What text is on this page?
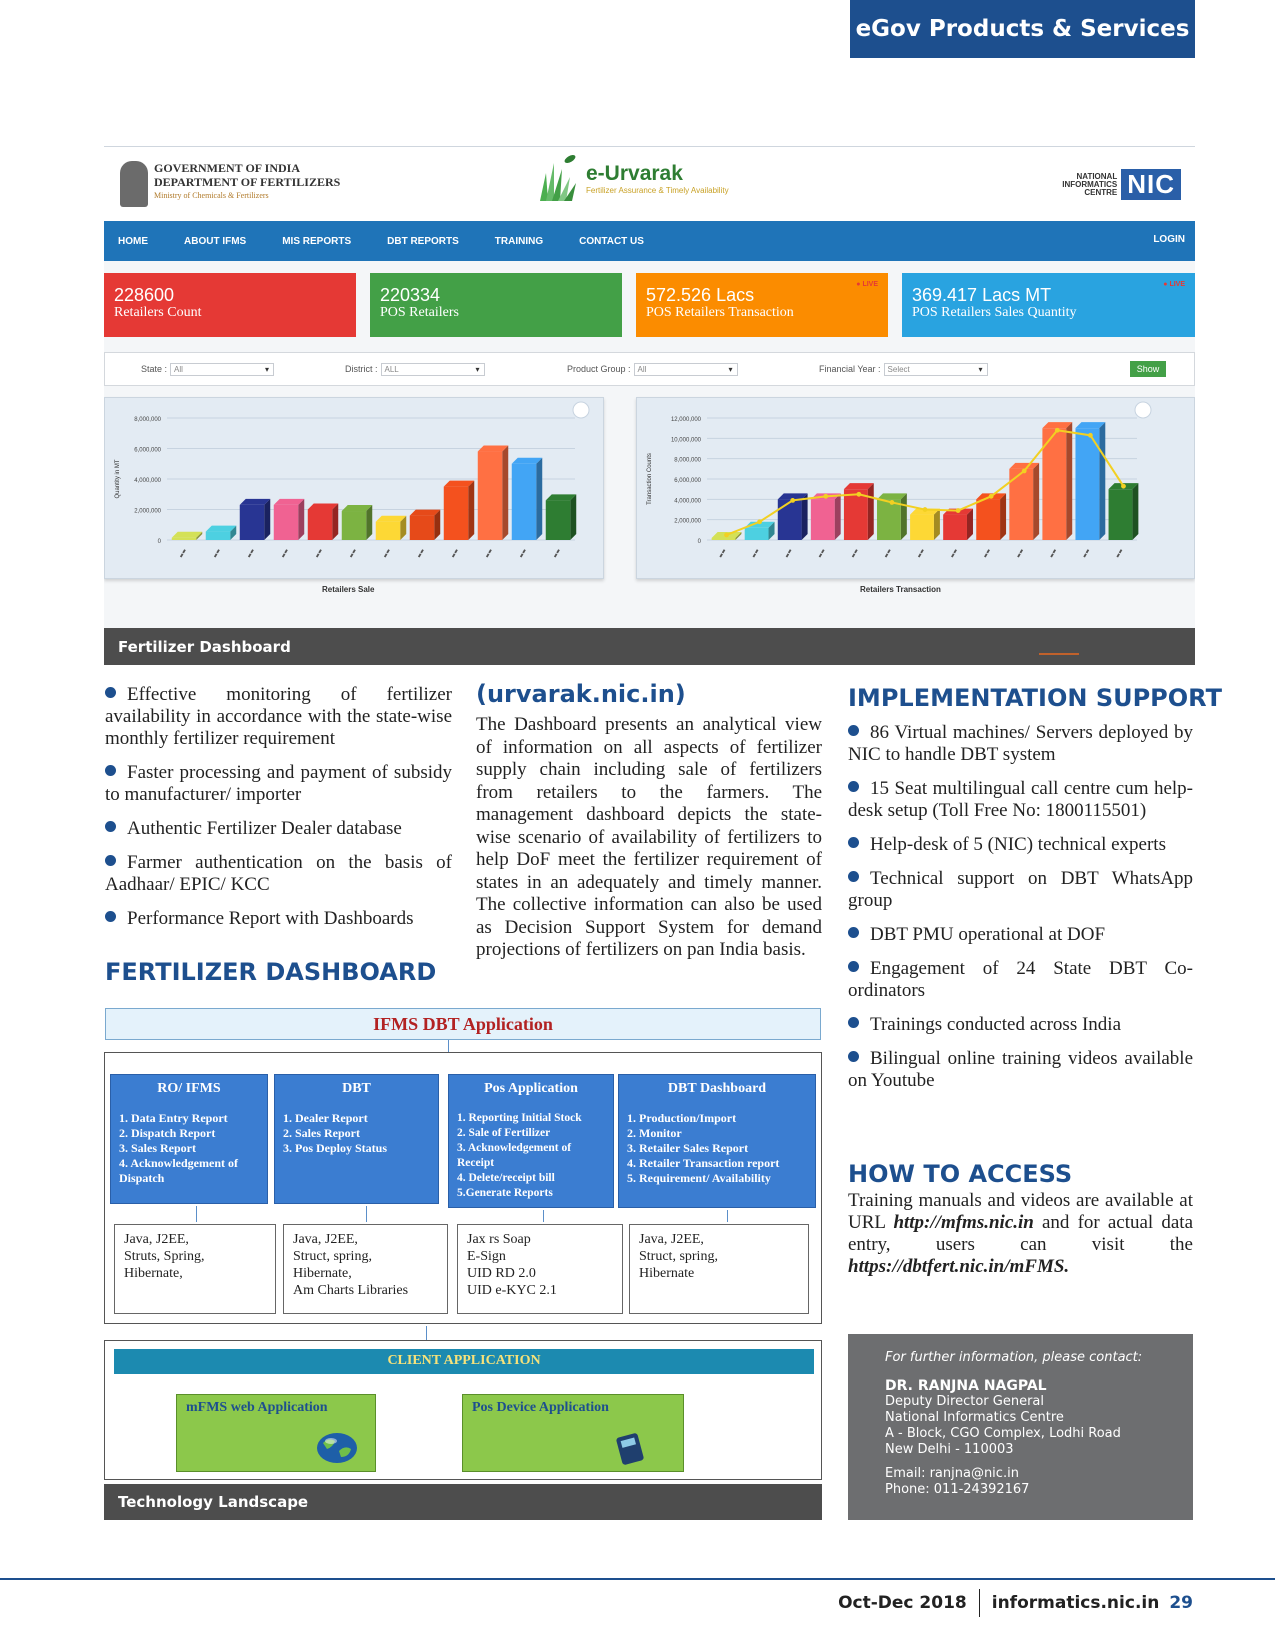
eGov Products & Services
GOVERNMENT OF INDIA
DEPARTMENT OF FERTILIZERS
Ministry of Chemicals & Fertilizers
e-Urvarak
Fertilizer Assurance & Timely Availability
NATIONAL INFORMATICS CENTRE NIC
HOME	ABOUT IFMS	MIS REPORTS	DBT REPORTS	TRAINING	CONTACT US	LOGIN
228600
Retailers Count
220334
POS Retailers
572.526 Lacs
POS Retailers Transaction
● LIVE
369.417 Lacs MT
POS Retailers Sales Quantity
● LIVE
State : All ▾	District : ALL ▾	Product Group : All ▾	Financial Year : Select ▾	Show
8,000,000
6,000,000
4,000,000
2,000,000
0
Quantity in MT
▬▬	▬▬	▬▬	▬▬	▬▬	▬▬	▬▬	▬▬	▬▬	▬▬	▬▬	▬▬
Retailers Sale
12,000,000
10,000,000
8,000,000
6,000,000
4,000,000
2,000,000
0
Transaction Counts
▬▬	▬▬	▬▬	▬▬	▬▬	▬▬	▬▬	▬▬	▬▬	▬▬	▬▬	▬▬	▬▬
Retailers Transaction
Fertilizer Dashboard
Effective monitoring of fertilizer availability in accordance with the state-wise monthly fertilizer requirement
Faster processing and payment of subsidy to manufacturer/ importer
Authentic Fertilizer Dealer database
Farmer authentication on the basis of Aadhaar/ EPIC/ KCC
Performance Report with Dashboards
FERTILIZER DASHBOARD
(urvarak.nic.in)
The Dashboard presents an analytical view of information on all aspects of fertilizer supply chain including sale of fertilizers from retailers to the farmers. The management dashboard depicts the state-wise scenario of availability of fertilizers to help DoF meet the fertilizer requirement of states in an adequately and timely manner. The collective information can also be used as Decision Support System for demand projections of fertilizers on pan India basis.
IMPLEMENTATION SUPPORT
86 Virtual machines/ Servers deployed by NIC to handle DBT system
15 Seat multilingual call centre cum help-desk setup (Toll Free No: 1800115501)
Help-desk of 5 (NIC) technical experts
Technical support on DBT WhatsApp group
DBT PMU operational at DOF
Engagement of 24 State DBT Co-ordinators
Trainings conducted across India
Bilingual online training videos available on Youtube
HOW TO ACCESS
Training manuals and videos are available at URL http://mfms.nic.in and for actual data entry, users can visit the https://dbtfert.nic.in/mFMS.
IFMS DBT Application
RO/ IFMS
1. Data Entry Report
2. Dispatch Report
3. Sales Report
4. Acknowledgement of Dispatch
DBT
1. Dealer Report
2. Sales Report
3. Pos Deploy Status
Pos Application
1. Reporting Initial Stock
2. Sale of Fertilizer
3. Acknowledgement of Receipt
4. Delete/receipt bill
5.Generate Reports
DBT Dashboard
1. Production/Import
2. Monitor
3. Retailer Sales Report
4. Retailer Transaction report
5. Requirement/ Availability
Java, J2EE,
Struts, Spring,
Hibernate,
Java, J2EE,
Struct, spring,
Hibernate,
Am Charts Libraries
Jax rs Soap
E-Sign
UID RD 2.0
UID e-KYC 2.1
Java, J2EE,
Struct, spring,
Hibernate
CLIENT APPLICATION
mFMS web Application	Pos Device Application
Technology Landscape
For further information, please contact:
DR. RANJNA NAGPAL
Deputy Director General
National Informatics Centre
A - Block, CGO Complex, Lodhi Road
New Delhi - 110003
Email: ranjna@nic.in
Phone: 011-24392167
Oct-Dec 2018 informatics.nic.in 29
